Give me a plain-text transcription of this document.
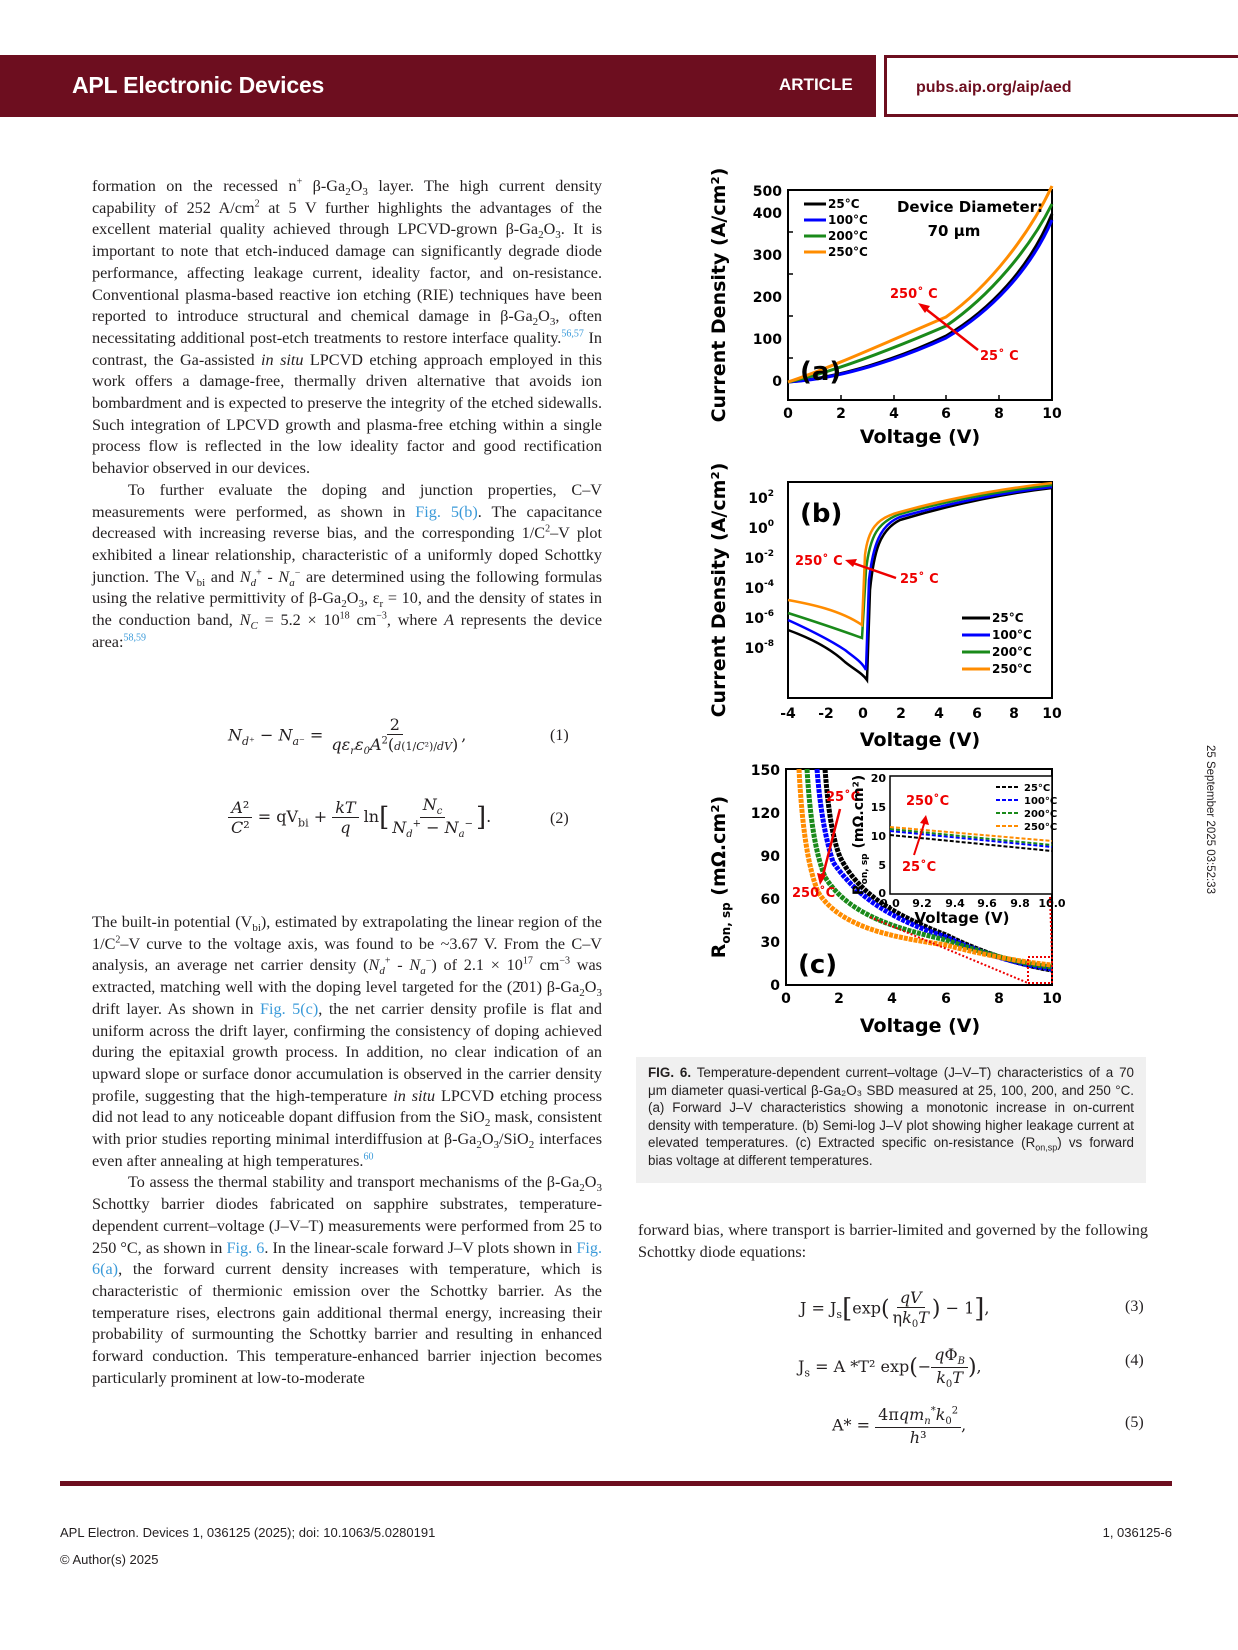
APL Electronic Devices	ARTICLE	pubs.aip.org/aip/aed

formation on the recessed n+ $\beta-Ga_2O_3$ layer. The high current density capability of 252 $A/cm^2$ at 5 V further highlights the advantages of the excellent material quality achieved through LPCVD-grown $\beta-Ga_2O_3$. It is important to note that etch-induced damage can significantly degrade diode performance, affecting leakage current, ideality factor, and on-resistance. Conventional plasma-based reactive ion etching (RIE) techniques have been reported to introduce structural and chemical damage in $\beta-Ga_2O_3$, often necessitating additional post-etch treatments to restore interface quality.$^{56,57}$ In contrast, the Ga-assisted in situ LPCVD etching approach employed in this work offers a damage-free, thermally driven alternative that avoids ion bombardment and is expected to preserve the integrity of the etched sidewalls. Such integration of LPCVD growth and plasma-free etching within a single process flow is reflected in the low ideality factor and good rectification behavior observed in our devices.

To further evaluate the doping and junction properties, C–V measurements were performed, as shown in Fig. 5(b). The capacitance decreased with increasing reverse bias, and the corresponding $1/C^2-V$ plot exhibited a linear relationship, characteristic of a uniformly doped Schottky junction. The $V_{bi}$ and $N_d^+ - N_a^-$ are determined using the following formulas using the relative permittivity of $\beta-Ga_2O_3$, $\varepsilon_r = 10$, and the density of states in the conduction band, $N_C = 5.2 \times 10^{18}$ $cm^{-3}$, where A represents the device area:$^{58,59}$

$N_{d^+} - N_{a^-} = \frac{2}{q\varepsilon_r\varepsilon_0A^2(d(1/C^2)/dV)}$ ,	(1)
$\frac{\text{A²}}{\text{C²}} = qV_{bi} + \frac{kT}{q} \ln[ \frac{N_c}{N_d^+ - N_a^-}$ ].	(2)

The built-in potential $(V_{bi})$, estimated by extrapolating the linear region of the $1/C^2-V$ curve to the voltage axis, was found to be ~3.67 V. From the C–V analysis, an average net carrier density $(N_d^+ - N_a^-)$ of $2.1 \times 10^{17}$ $cm^{-3}$ was extracted, matching well with the doping level targeted for the (2̄01) $\beta-Ga_2O_3$ drift layer. As shown in Fig. 5(c), the net carrier density profile is flat and uniform across the drift layer, confirming the consistency of doping achieved during the epitaxial growth process. In addition, no clear indication of an upward slope or surface donor accumulation is observed in the carrier density profile, suggesting that the high-temperature in situ LPCVD etching process did not lead to any noticeable dopant diffusion from the SiO$_2$ mask, consistent with prior studies reporting minimal interdiffusion at $\beta-Ga_2O_3/SiO_2$ interfaces even after annealing at high temperatures.$^{60}$

To assess the thermal stability and transport mechanisms of the $\beta-Ga_2O_3$ Schottky barrier diodes fabricated on sapphire substrates, temperature-dependent current–voltage (J–V–T) measurements were performed from 25 to 250 °C, as shown in Fig. 6. In the linear-scale forward J–V plots shown in Fig. 6(a), the forward current density increases with temperature, which is characteristic of thermionic emission over the Schottky barrier. As the temperature rises, electrons gain additional thermal energy, increasing their probability of surmounting the Schottky barrier and resulting in enhanced forward conduction. This temperature-enhanced barrier injection becomes particularly prominent at low-to-moderate

0	2	4	6	8	10
0
100
200
300
400
500
Voltage (V)
Current Density (A/cm²)	25°C
100°C
200°C
250°C
Device Diameter:
70 μm
(a)
250˚ C
25˚ C
-4 -2 0 2 4 6 8 10
$10^2$
$10^0$
$10^{-2}$
$10^{-4}$
$10^{-6}$
$10^{-8}$
Voltage (V)
Current Density (A/cm²)	(b)
250˚ C
25˚ C
25°C
100°C
200°C
250°C
0	2	4	6	8	10
0
30
60
90
120
150
Voltage (V)
$R_{on, sp}$ (mΩ.cm²)
(c)
25˚C
250˚C	0
5
10
15
20
9.0 9.2 9.4 9.6 9.8 10.0
Voltage (V)
$R_{on, sp}$ (mΩ.cm²)	250˚C
25˚C
25°C
100°C
200°C
250°C
FIG. 6. Temperature-dependent current–voltage (J–V–T) characteristics of a 70 μm diameter quasi-vertical β-Ga₂O₃ SBD measured at 25, 100, 200, and 250 °C. (a) Forward J–V characteristics showing a monotonic increase in on-current density with temperature. (b) Semi-log J–V plot showing higher leakage current at elevated temperatures. (c) Extracted specific on-resistance $(R_{on,sp})$ vs forward bias voltage at different temperatures.

forward bias, where transport is barrier-limited and governed by the following Schottky diode equations:

$J = J_s[\exp( \frac{qV}{\eta k_0T}$ ) − 1],	(3)
$J_s = A$ *T² $\exp(- \frac{q\Phi_B}{k_0T}$ ),	(4)
$A* = \frac{4\pi qm_n^*k_0^2}{\text{h³}}$ ,	(5)
25 September 2025 03:52:33
APL Electron. Devices 1, 036125 (2025); doi: 10.1063/5.0280191
© Author(s) 2025
1, 036125-6
